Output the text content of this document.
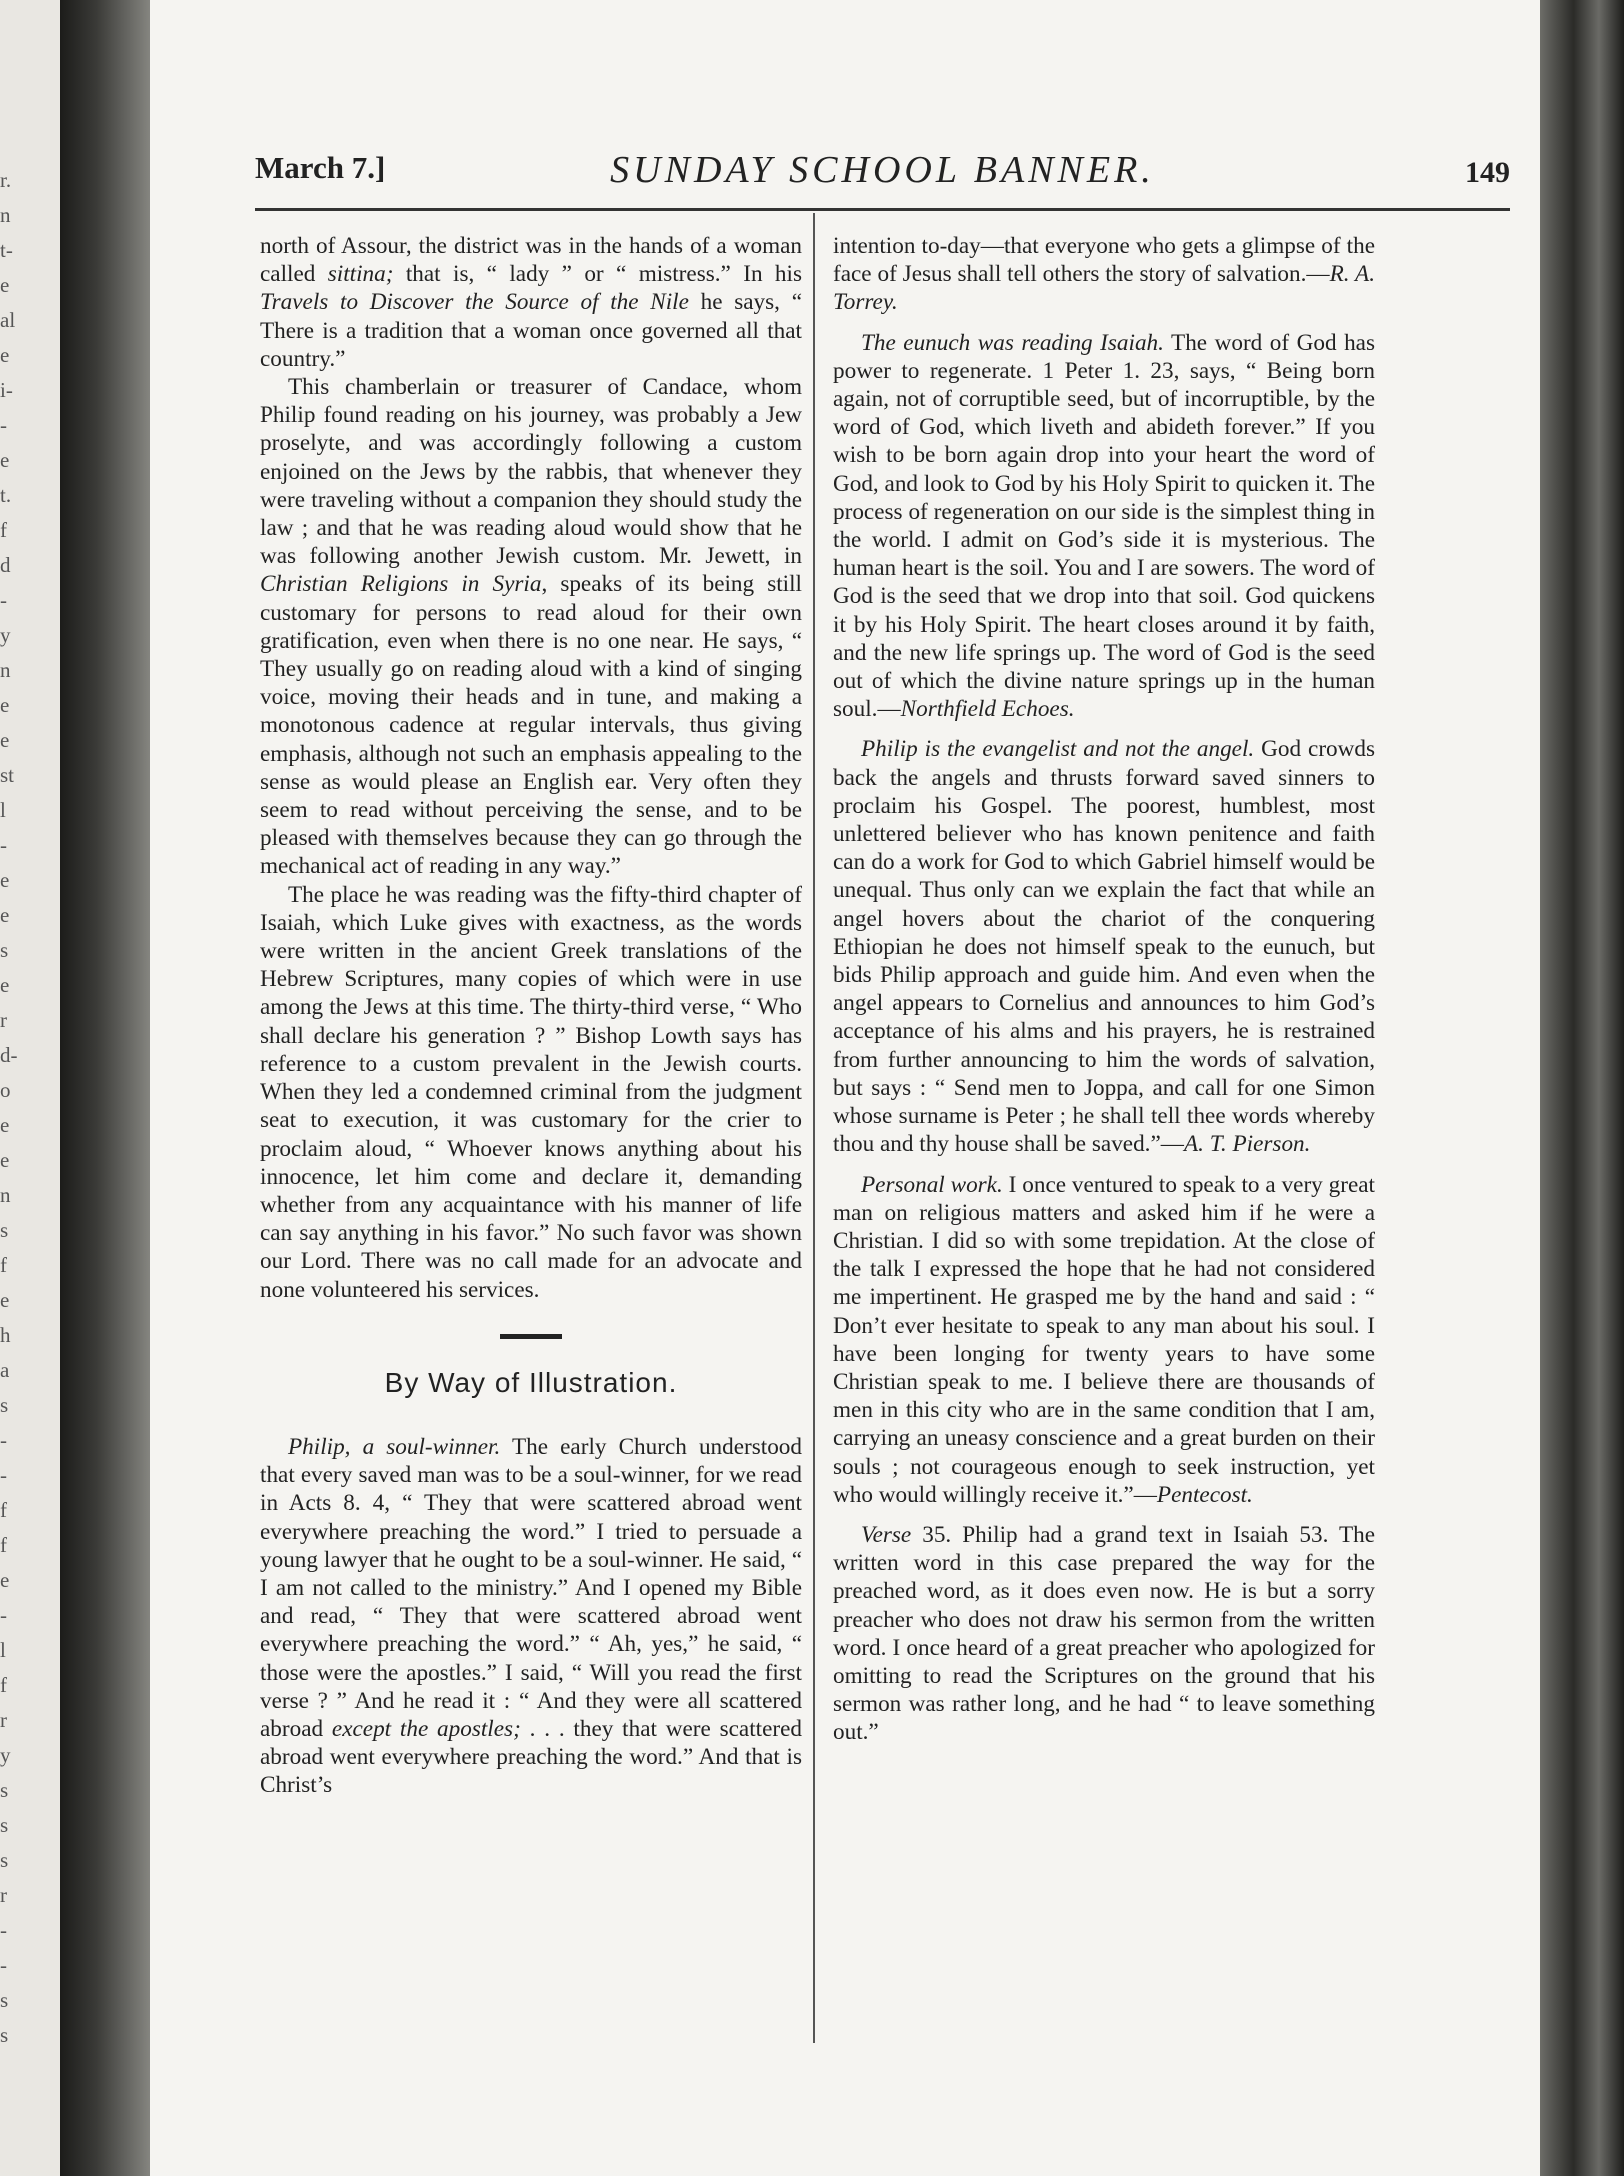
r.
n
t-
e
al
e
i-
-
e
t.
f
d
-
y
n
e
e
st
l
-
e
e
s
e
r
d-
o
e
e
n
s
f
e
h
a
s
-
-
f
f
e
-
l
f
r
y
s
s
s
r
-
-
s
s
March 7.]	SUNDAY SCHOOL BANNER.	149

north of Assour, the district was in the hands of a woman called sittina; that is, “ lady ” or “ mistress.” In his Travels to Discover the Source of the Nile he says, “ There is a tradition that a woman once governed all that country.”

This chamberlain or treasurer of Candace, whom Philip found reading on his journey, was probably a Jew proselyte, and was accordingly following a custom enjoined on the Jews by the rabbis, that whenever they were traveling without a companion they should study the law ; and that he was reading aloud would show that he was following another Jewish custom. Mr. Jewett, in Christian Religions in Syria, speaks of its being still customary for persons to read aloud for their own gratification, even when there is no one near. He says, “ They usually go on reading aloud with a kind of singing voice, moving their heads and in tune, and making a monotonous cadence at regular intervals, thus giving emphasis, although not such an emphasis appealing to the sense as would please an English ear. Very often they seem to read without perceiving the sense, and to be pleased with themselves because they can go through the mechanical act of reading in any way.”

The place he was reading was the fifty-third chapter of Isaiah, which Luke gives with exactness, as the words were written in the ancient Greek translations of the Hebrew Scriptures, many copies of which were in use among the Jews at this time. The thirty-third verse, “ Who shall declare his generation ? ” Bishop Lowth says has reference to a custom prevalent in the Jewish courts. When they led a condemned criminal from the judgment seat to execution, it was customary for the crier to proclaim aloud, “ Whoever knows anything about his innocence, let him come and declare it, demanding whether from any acquaintance with his manner of life can say anything in his favor.” No such favor was shown our Lord. There was no call made for an advocate and none volunteered his services.

By Way of Illustration.

Philip, a soul-winner. The early Church understood that every saved man was to be a soul-winner, for we read in Acts 8. 4, “ They that were scattered abroad went everywhere preaching the word.” I tried to persuade a young lawyer that he ought to be a soul-winner. He said, “ I am not called to the ministry.” And I opened my Bible and read, “ They that were scattered abroad went everywhere preaching the word.” “ Ah, yes,” he said, “ those were the apostles.” I said, “ Will you read the first verse ? ” And he read it : “ And they were all scattered abroad except the apostles; . . . they that were scattered abroad went everywhere preaching the word.” And that is Christ’s

intention to-day—that everyone who gets a glimpse of the face of Jesus shall tell others the story of salvation.—R. A. Torrey.

The eunuch was reading Isaiah. The word of God has power to regenerate. 1 Peter 1. 23, says, “ Being born again, not of corruptible seed, but of incorruptible, by the word of God, which liveth and abideth forever.” If you wish to be born again drop into your heart the word of God, and look to God by his Holy Spirit to quicken it. The process of regeneration on our side is the simplest thing in the world. I admit on God’s side it is mysterious. The human heart is the soil. You and I are sowers. The word of God is the seed that we drop into that soil. God quickens it by his Holy Spirit. The heart closes around it by faith, and the new life springs up. The word of God is the seed out of which the divine nature springs up in the human soul.—Northfield Echoes.

Philip is the evangelist and not the angel. God crowds back the angels and thrusts forward saved sinners to proclaim his Gospel. The poorest, humblest, most unlettered believer who has known penitence and faith can do a work for God to which Gabriel himself would be unequal. Thus only can we explain the fact that while an angel hovers about the chariot of the conquering Ethiopian he does not himself speak to the eunuch, but bids Philip approach and guide him. And even when the angel appears to Cornelius and announces to him God’s acceptance of his alms and his prayers, he is restrained from further announcing to him the words of salvation, but says : “ Send men to Joppa, and call for one Simon whose surname is Peter ; he shall tell thee words whereby thou and thy house shall be saved.”—A. T. Pierson.

Personal work. I once ventured to speak to a very great man on religious matters and asked him if he were a Christian. I did so with some trepidation. At the close of the talk I expressed the hope that he had not considered me impertinent. He grasped me by the hand and said : “ Don’t ever hesitate to speak to any man about his soul. I have been longing for twenty years to have some Christian speak to me. I believe there are thousands of men in this city who are in the same condition that I am, carrying an uneasy conscience and a great burden on their souls ; not courageous enough to seek instruction, yet who would willingly receive it.”—Pentecost.

Verse 35. Philip had a grand text in Isaiah 53. The written word in this case prepared the way for the preached word, as it does even now. He is but a sorry preacher who does not draw his sermon from the written word. I once heard of a great preacher who apologized for omitting to read the Scriptures on the ground that his sermon was rather long, and he had “ to leave something out.”
